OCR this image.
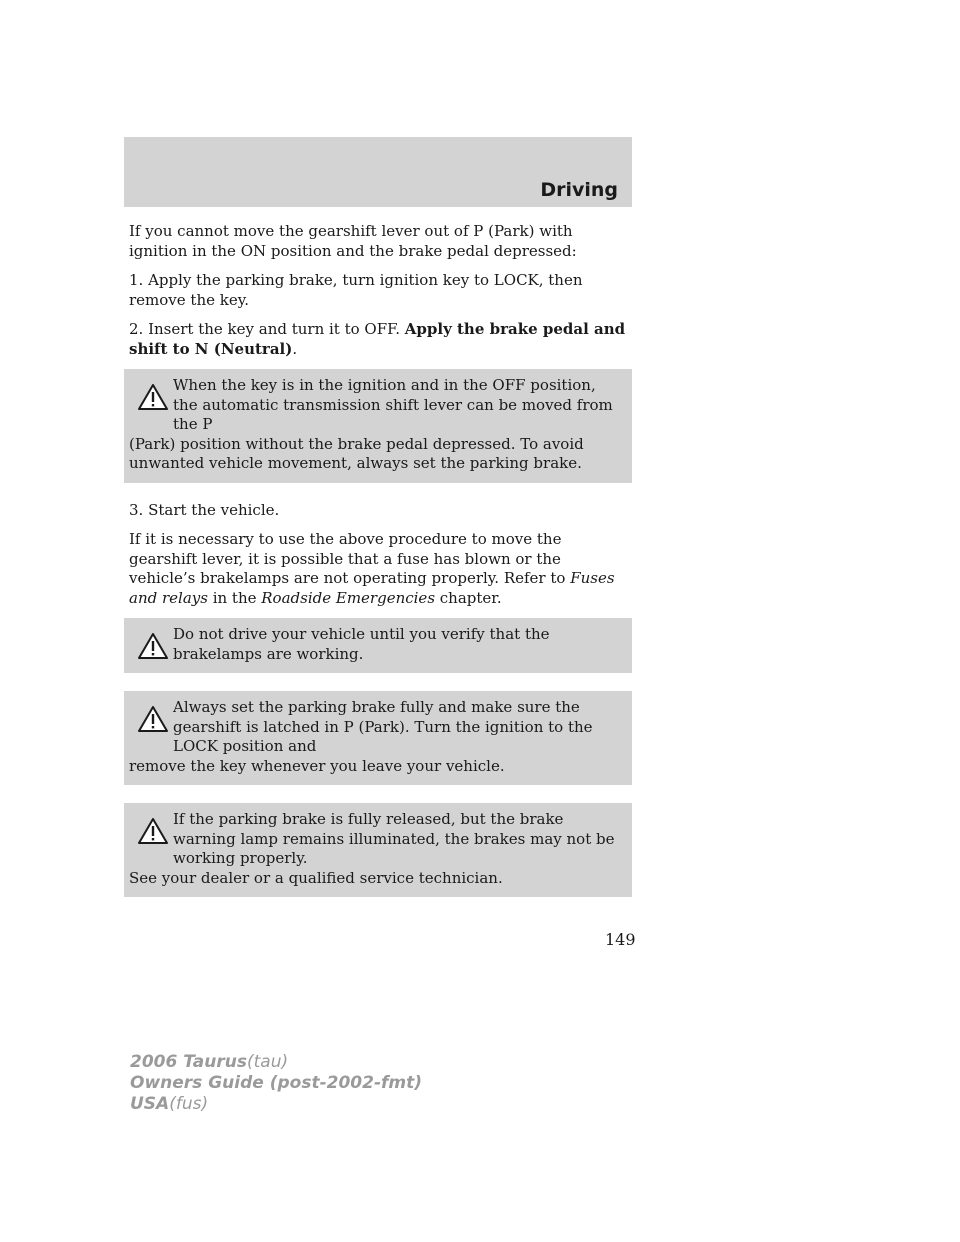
Driving

If you cannot move the gearshift lever out of P (Park) with ignition in the ON position and the brake pedal depressed:

1. Apply the parking brake, turn ignition key to LOCK, then remove the key.

2. Insert the key and turn it to OFF. Apply the brake pedal and shift to N (Neutral).

When the key is in the ignition and in the OFF position, the automatic transmission shift lever can be moved from the P

(Park) position without the brake pedal depressed. To avoid unwanted vehicle movement, always set the parking brake.

3. Start the vehicle.

If it is necessary to use the above procedure to move the gearshift lever, it is possible that a fuse has blown or the vehicle’s brakelamps are not operating properly. Refer to Fuses and relays in the Roadside Emergencies chapter.

Do not drive your vehicle until you verify that the brakelamps are working.

Always set the parking brake fully and make sure the gearshift is latched in P (Park). Turn the ignition to the LOCK position and

remove the key whenever you leave your vehicle.

If the parking brake is fully released, but the brake warning lamp remains illuminated, the brakes may not be working properly.

See your dealer or a qualified service technician.

149
2006 Taurus(tau)
Owners Guide (post-2002-fmt)
USA(fus)
